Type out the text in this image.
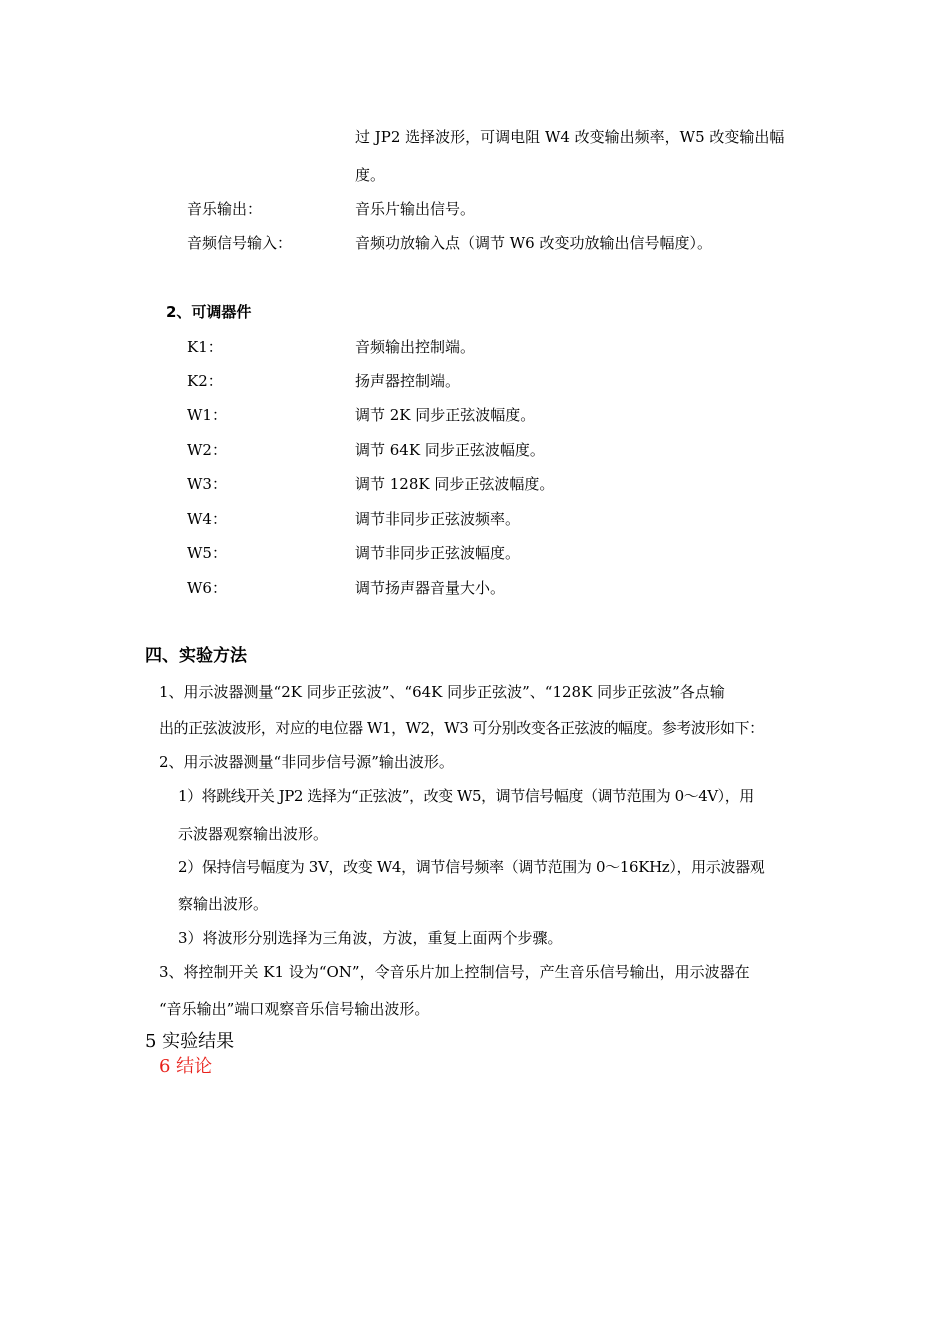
过 JP2 选择波形，可调电阻 W4 改变输出频率，W5 改变输出幅
度。
音乐输出：	音乐片输出信号。
音频信号输入：	音频功放输入点（调节 W6 改变功放输出信号幅度）。
2、可调器件
K1：	音频输出控制端。
K2：	扬声器控制端。
W1：	调节 2K 同步正弦波幅度。
W2：	调节 64K 同步正弦波幅度。
W3：	调节 128K 同步正弦波幅度。
W4：	调节非同步正弦波频率。
W5：	调节非同步正弦波幅度。
W6：	调节扬声器音量大小。
四、实验方法
1、用示波器测量“2K 同步正弦波”、“64K 同步正弦波”、“128K 同步正弦波”各点输
出的正弦波波形，对应的电位器 W1，W2，W3 可分别改变各正弦波的幅度。参考波形如下：
2、用示波器测量“非同步信号源”输出波形。
1）将跳线开关 JP2 选择为“正弦波”，改变 W5，调节信号幅度（调节范围为 0～4V），用
示波器观察输出波形。
2）保持信号幅度为 3V，改变 W4，调节信号频率（调节范围为 0～16KHz），用示波器观
察输出波形。
3）将波形分别选择为三角波，方波，重复上面两个步骤。
3、将控制开关 K1 设为“ON”，令音乐片加上控制信号，产生音乐信号输出，用示波器在
“音乐输出”端口观察音乐信号输出波形。
5 实验结果
6 结论
